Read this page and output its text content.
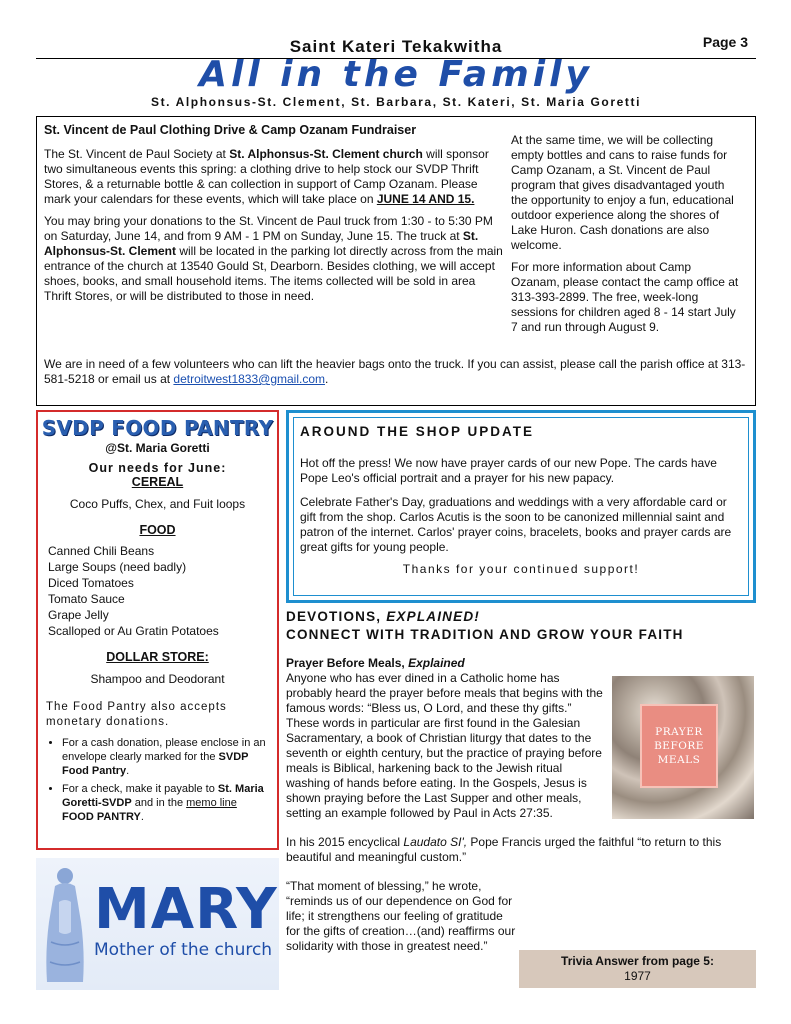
Saint Kateri Tekakwitha	Page 3
All in the Family
St. Alphonsus-St. Clement, St. Barbara, St. Kateri, St. Maria Goretti
St. Vincent de Paul Clothing Drive & Camp Ozanam Fundraiser
The St. Vincent de Paul Society at St. Alphonsus-St. Clement church will sponsor two simultaneous events this spring: a clothing drive to help stock our SVDP Thrift Stores, & a returnable bottle & can collection in support of Camp Ozanam. Please mark your calendars for these events, which will take place on JUNE 14 AND 15.
You may bring your donations to the St. Vincent de Paul truck from 1:30 - to 5:30 PM on Saturday, June 14, and from 9 AM - 1 PM on Sunday, June 15. The truck at St. Alphonsus-St. Clement will be located in the parking lot directly across from the main entrance of the church at 13540 Gould St, Dearborn. Besides clothing, we will accept shoes, books, and small household items. The items collected will be sold in area Thrift Stores, or will be distributed to those in need.
At the same time, we will be collecting empty bottles and cans to raise funds for Camp Ozanam, a St. Vincent de Paul program that gives disadvantaged youth the opportunity to enjoy a fun, educational outdoor experience along the shores of Lake Huron. Cash donations are also welcome.
For more information about Camp Ozanam, please contact the camp office at 313-393-2899. The free, week-long sessions for children aged 8 - 14 start July 7 and run through August 9.
We are in need of a few volunteers who can lift the heavier bags onto the truck. If you can assist, please call the parish office at 313-581-5218 or email us at detroitwest1833@gmail.com.
SVDP FOOD PANTRY
@St. Maria Goretti
Our needs for June:
CEREAL
Coco Puffs, Chex, and Fuit loops
FOOD
Canned Chili Beans
Large Soups (need badly)
Diced Tomatoes
Tomato Sauce
Grape Jelly
Scalloped or Au Gratin Potatoes
DOLLAR STORE:
Shampoo and Deodorant
The Food Pantry also accepts monetary donations.
• For a cash donation, please enclose in an envelope clearly marked for the SVDP Food Pantry.
• For a check, make it payable to St. Maria Goretti-SVDP and in the memo line FOOD PANTRY.
AROUND THE SHOP UPDATE
Hot off the press! We now have prayer cards of our new Pope. The cards have Pope Leo's official portrait and a prayer for his new papacy.
Celebrate Father's Day, graduations and weddings with a very affordable card or gift from the shop. Carlos Acutis is the soon to be canonized millennial saint and patron of the internet. Carlos' prayer coins, bracelets, books and prayer cards are great gifts for young people.
Thanks for your continued support!
DEVOTIONS, EXPLAINED!
CONNECT WITH TRADITION AND GROW YOUR FAITH
Prayer Before Meals, Explained
Anyone who has ever dined in a Catholic home has probably heard the prayer before meals that begins with the famous words: “Bless us, O Lord, and these thy gifts.” These words in particular are first found in the Galesian Sacramentary, a book of Christian liturgy that dates to the seventh or eighth century, but the practice of praying before meals is Biblical, harkening back to the Jewish ritual washing of hands before eating. In the Gospels, Jesus is shown praying before the Last Supper and other meals, setting an example followed by Paul in Acts 27:35.
In his 2015 encyclical Laudato SI', Pope Francis urged the faithful “to return to this beautiful and meaningful custom.”
“That moment of blessing,” he wrote, “reminds us of our dependence on God for life; it strengthens our feeling of gratitude for the gifts of creation…(and) reaffirms our solidarity with those in greatest need.”
PRAYER
BEFORE
MEALS
MARY
Mother of the church
Trivia Answer from page 5:
1977
